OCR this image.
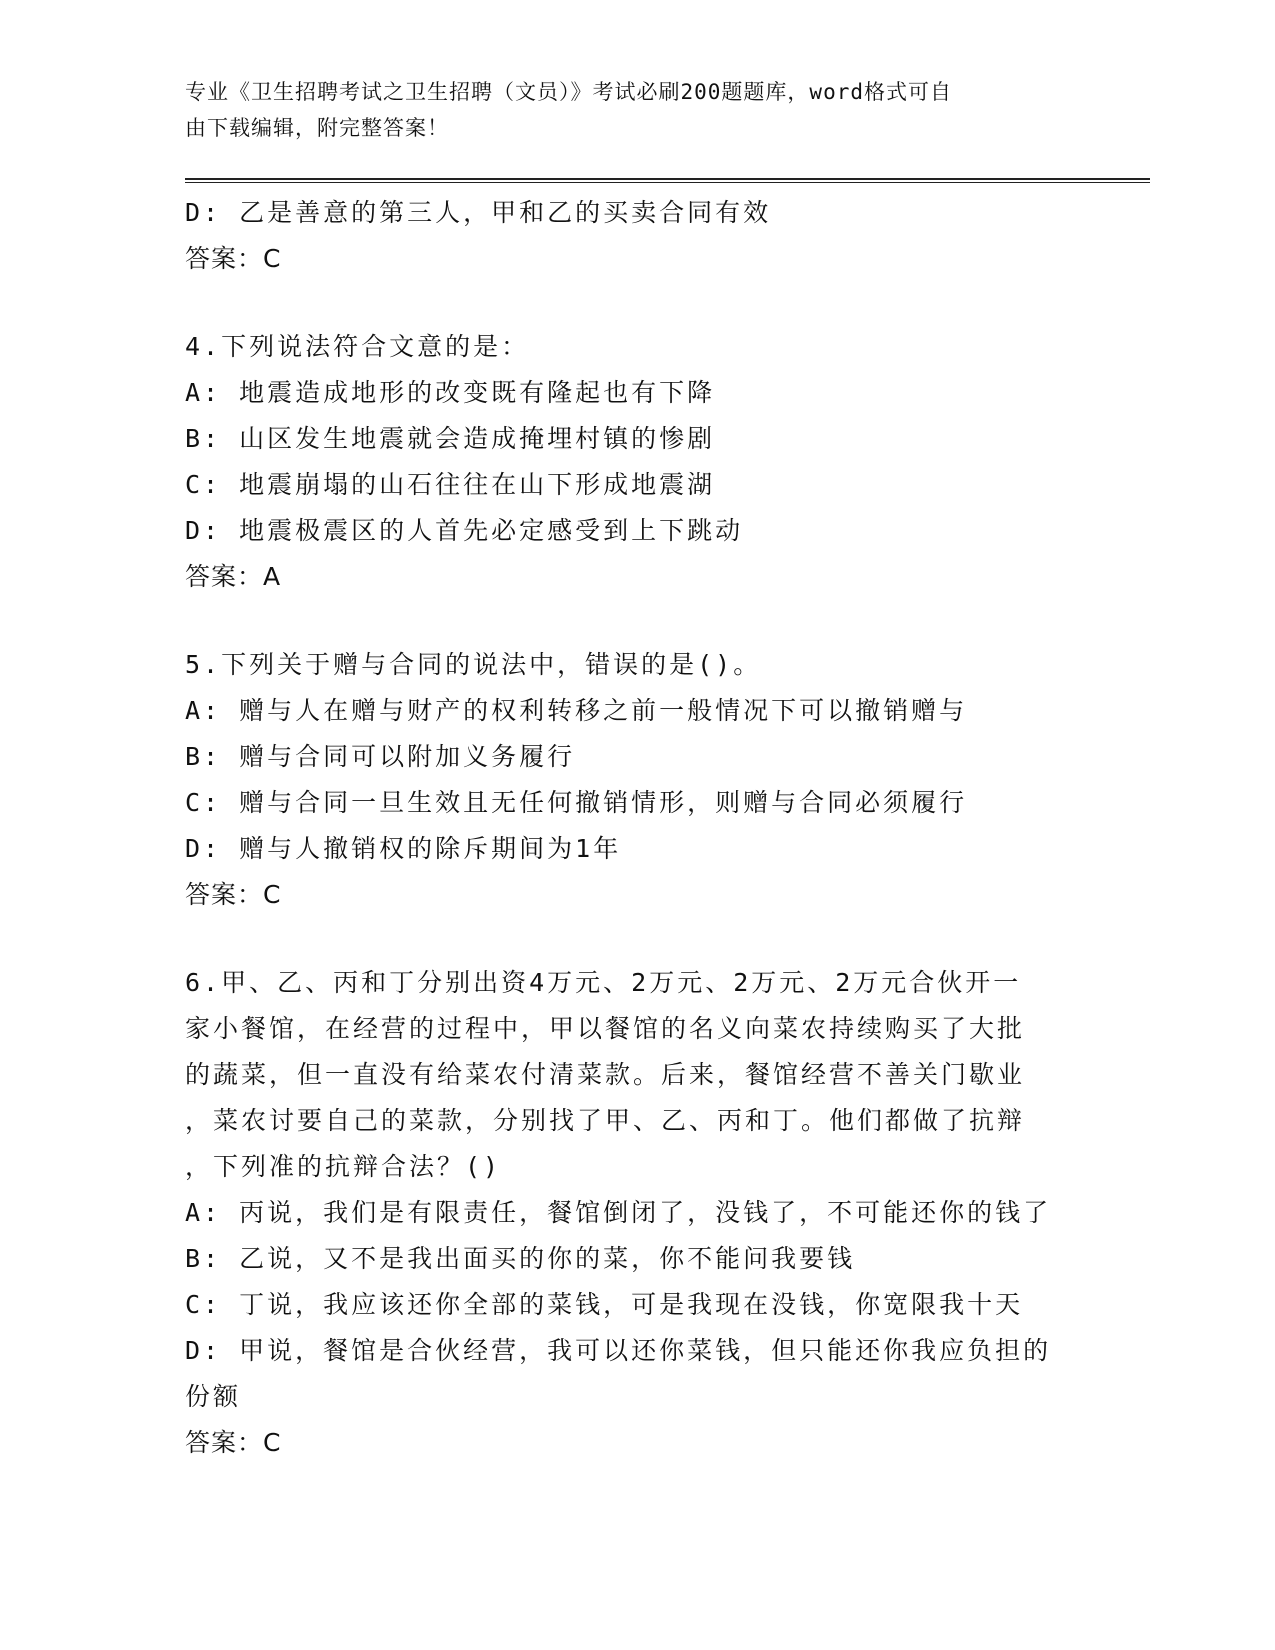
专业《卫生招聘考试之卫生招聘（文员）》考试必刷200题题库，word格式可自
由下载编辑，附完整答案！
D: 乙是善意的第三人，甲和乙的买卖合同有效
答案：C
4.下列说法符合文意的是：
A: 地震造成地形的改变既有隆起也有下降
B: 山区发生地震就会造成掩埋村镇的惨剧
C: 地震崩塌的山石往往在山下形成地震湖
D: 地震极震区的人首先必定感受到上下跳动
答案：A
5.下列关于赠与合同的说法中，错误的是()。
A: 赠与人在赠与财产的权利转移之前一般情况下可以撤销赠与
B: 赠与合同可以附加义务履行
C: 赠与合同一旦生效且无任何撤销情形，则赠与合同必须履行
D: 赠与人撤销权的除斥期间为1年
答案：C
6.甲、乙、丙和丁分别出资4万元、2万元、2万元、2万元合伙开一
家小餐馆，在经营的过程中，甲以餐馆的名义向菜农持续购买了大批
的蔬菜，但一直没有给菜农付清菜款。后来，餐馆经营不善关门歇业
，菜农讨要自己的菜款，分别找了甲、乙、丙和丁。他们都做了抗辩
，下列准的抗辩合法？()
A: 丙说，我们是有限责任，餐馆倒闭了，没钱了，不可能还你的钱了
B: 乙说，又不是我出面买的你的菜，你不能问我要钱
C: 丁说，我应该还你全部的菜钱，可是我现在没钱，你宽限我十天
D: 甲说，餐馆是合伙经营，我可以还你菜钱，但只能还你我应负担的
份额
答案：C
